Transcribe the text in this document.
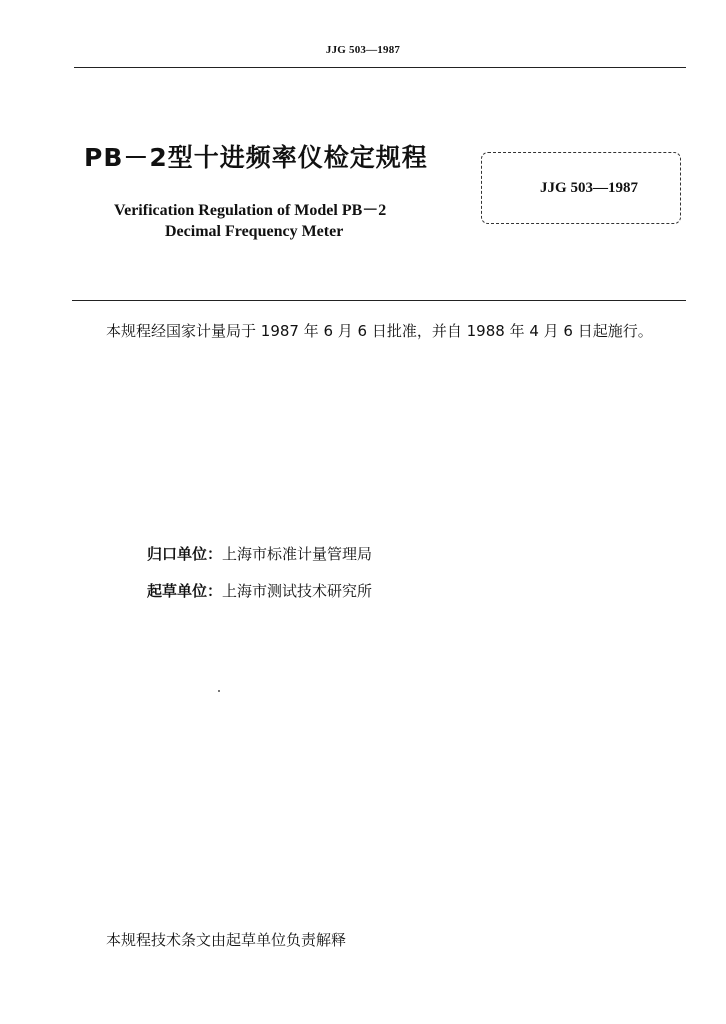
JJG 503—1987
PB－2型十进频率仪检定规程
Verification Regulation of Model PB－2
Decimal Frequency Meter
JJG 503—1987
本规程经国家计量局于 1987 年 6 月 6 日批准，并自 1988 年 4 月 6 日起施行。
归口单位：上海市标准计量管理局
起草单位：上海市测试技术研究所
本规程技术条文由起草单位负责解释
